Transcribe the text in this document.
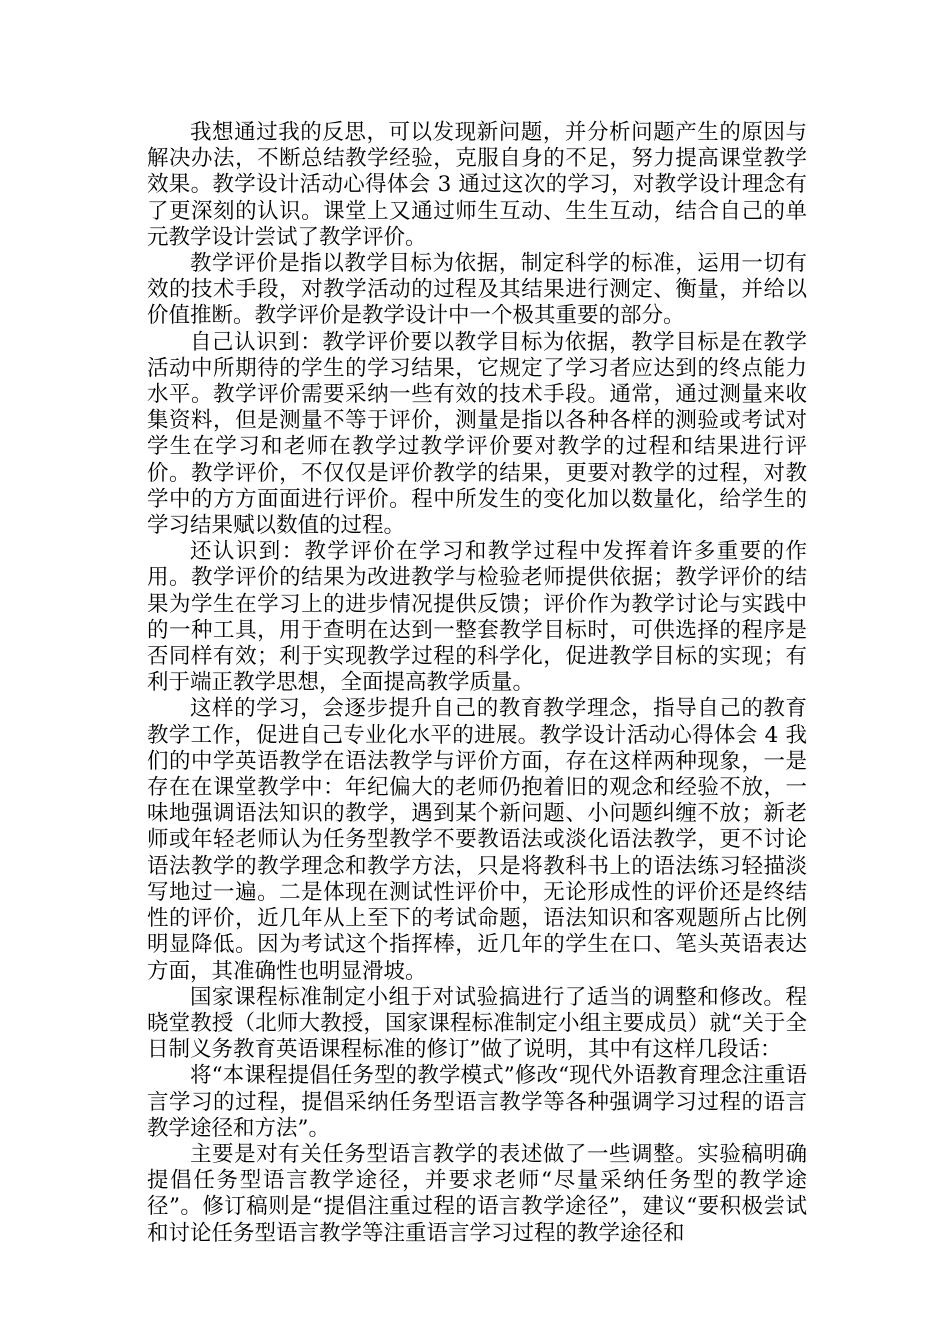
我想通过我的反思，可以发现新问题，并分析问题产生的原因与解决办法，不断总结教学经验，克服自身的不足，努力提高课堂教学效果。教学设计活动心得体会 3 通过这次的学习，对教学设计理念有了更深刻的认识。课堂上又通过师生互动、生生互动，结合自己的单元教学设计尝试了教学评价。

教学评价是指以教学目标为依据，制定科学的标准，运用一切有效的技术手段，对教学活动的过程及其结果进行测定、衡量，并给以价值推断。教学评价是教学设计中一个极其重要的部分。

自己认识到：教学评价要以教学目标为依据，教学目标是在教学活动中所期待的学生的学习结果，它规定了学习者应达到的终点能力水平。教学评价需要采纳一些有效的技术手段。通常，通过测量来收集资料，但是测量不等于评价，测量是指以各种各样的测验或考试对学生在学习和老师在教学过教学评价要对教学的过程和结果进行评价。教学评价，不仅仅是评价教学的结果，更要对教学的过程，对教学中的方方面面进行评价。程中所发生的变化加以数量化，给学生的学习结果赋以数值的过程。

还认识到：教学评价在学习和教学过程中发挥着许多重要的作用。教学评价的结果为改进教学与检验老师提供依据；教学评价的结果为学生在学习上的进步情况提供反馈；评价作为教学讨论与实践中的一种工具，用于查明在达到一整套教学目标时，可供选择的程序是否同样有效；利于实现教学过程的科学化，促进教学目标的实现；有利于端正教学思想，全面提高教学质量。

这样的学习，会逐步提升自己的教育教学理念，指导自己的教育教学工作，促进自己专业化水平的进展。教学设计活动心得体会 4 我们的中学英语教学在语法教学与评价方面，存在这样两种现象，一是存在在课堂教学中：年纪偏大的老师仍抱着旧的观念和经验不放，一味地强调语法知识的教学，遇到某个新问题、小问题纠缠不放；新老师或年轻老师认为任务型教学不要教语法或淡化语法教学，更不讨论语法教学的教学理念和教学方法，只是将教科书上的语法练习轻描淡写地过一遍。二是体现在测试性评价中，无论形成性的评价还是终结性的评价，近几年从上至下的考试命题，语法知识和客观题所占比例明显降低。因为考试这个指挥棒，近几年的学生在口、笔头英语表达方面，其准确性也明显滑坡。

国家课程标准制定小组于对试验搞进行了适当的调整和修改。程晓堂教授（北师大教授，国家课程标准制定小组主要成员）就“关于全日制义务教育英语课程标准的修订”做了说明，其中有这样几段话：

将“本课程提倡任务型的教学模式”修改“现代外语教育理念注重语言学习的过程，提倡采纳任务型语言教学等各种强调学习过程的语言教学途径和方法”。

主要是对有关任务型语言教学的表述做了一些调整。实验稿明确提倡任务型语言教学途径，并要求老师“尽量采纳任务型的教学途径”。修订稿则是“提倡注重过程的语言教学途径”，建议“要积极尝试和讨论任务型语言教学等注重语言学习过程的教学途径和
